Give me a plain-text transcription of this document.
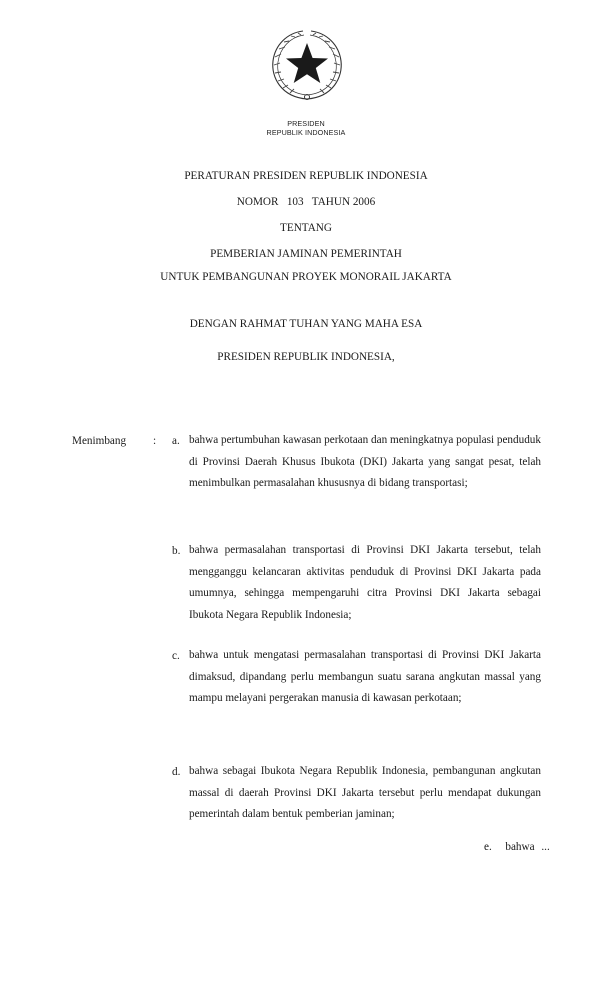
PRESIDEN
REPUBLIK INDONESIA
PERATURAN PRESIDEN REPUBLIK INDONESIA
NOMOR   103   TAHUN 2006
TENTANG
PEMBERIAN JAMINAN PEMERINTAH
UNTUK PEMBANGUNAN PROYEK MONORAIL JAKARTA
DENGAN RAHMAT TUHAN YANG MAHA ESA
PRESIDEN REPUBLIK INDONESIA,
Menimbang : a. bahwa pertumbuhan kawasan perkotaan dan meningkatnya populasi penduduk di Provinsi Daerah Khusus Ibukota (DKI) Jakarta yang sangat pesat, telah menimbulkan permasalahan khususnya di bidang transportasi;
b. bahwa permasalahan transportasi di Provinsi DKI Jakarta tersebut, telah mengganggu kelancaran aktivitas penduduk di Provinsi DKI Jakarta pada umumnya, sehingga mempengaruhi citra Provinsi DKI Jakarta sebagai Ibukota Negara Republik Indonesia;
c. bahwa untuk mengatasi permasalahan transportasi di Provinsi DKI Jakarta dimaksud, dipandang perlu membangun suatu sarana angkutan massal yang mampu melayani pergerakan manusia di kawasan perkotaan;
d. bahwa sebagai Ibukota Negara Republik Indonesia, pembangunan angkutan massal di daerah Provinsi DKI Jakarta tersebut perlu mendapat dukungan pemerintah dalam bentuk pemberian jaminan;
e.  bahwa ...
